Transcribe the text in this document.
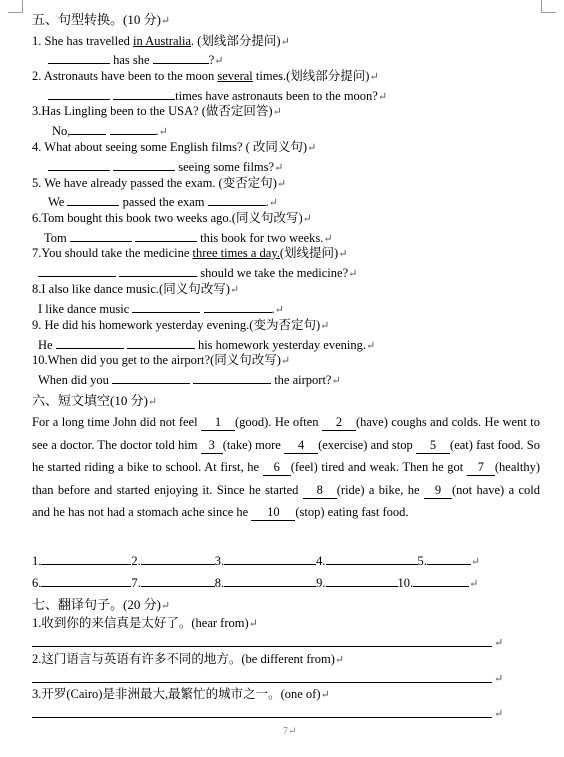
五、句型转换。(10 分)↵
1. She has travelled in Australia. (划线部分提问)↵
has she	?↵
2. Astronauts have been to the moon several times.(划线部分提问)↵
times have astronauts been to the moon?↵
3.Has Lingling been to the USA? (做否定回答)↵
No,	.↵
4. What about seeing some English films? ( 改同义句)↵
seeing some films?↵
5. We have already passed the exam. (变否定句)↵
We	passed the exam	.↵
6.Tom bought this book two weeks ago.(同义句改写)↵
Tom	this book for two weeks.↵
7.You should take the medicine three times a day.(划线提问)↵
should we take the medicine?↵
8.I also like dance music.(同义句改写)↵
I like dance music	.↵
9. He did his homework yesterday evening.(变为否定句)↵
He	his homework yesterday evening.↵
10.When did you get to the airport?(同义句改写)↵
When did you	the airport?↵
六、短文填空(10 分)↵
For a long time John did not feel 1 (good). He often 2 (have) coughs and colds. He went to see a doctor. The doctor told him 3 (take) more 4 (exercise) and stop 5 (eat) fast food. So he started riding a bike to school. At first, he 6 (feel) tired and weak. Then he got 7 (healthy) than before and started enjoying it. Since he started 8 (ride) a bike, he 9 (not have) a cold and he has not had a stomach ache since he 10 (stop) eating fast food.
1.	2.	3.	4.	5.	↵
6.	7.	8.	9.	10.	↵
七、翻译句子。(20 分)↵
1.收到你的来信真是太好了。(hear from)↵
↵
2.这门语言与英语有许多不同的地方。(be different from)↵
↵
3.开罗(Cairo)是非洲最大,最繁忙的城市之一。(one of)↵
↵
7↵
